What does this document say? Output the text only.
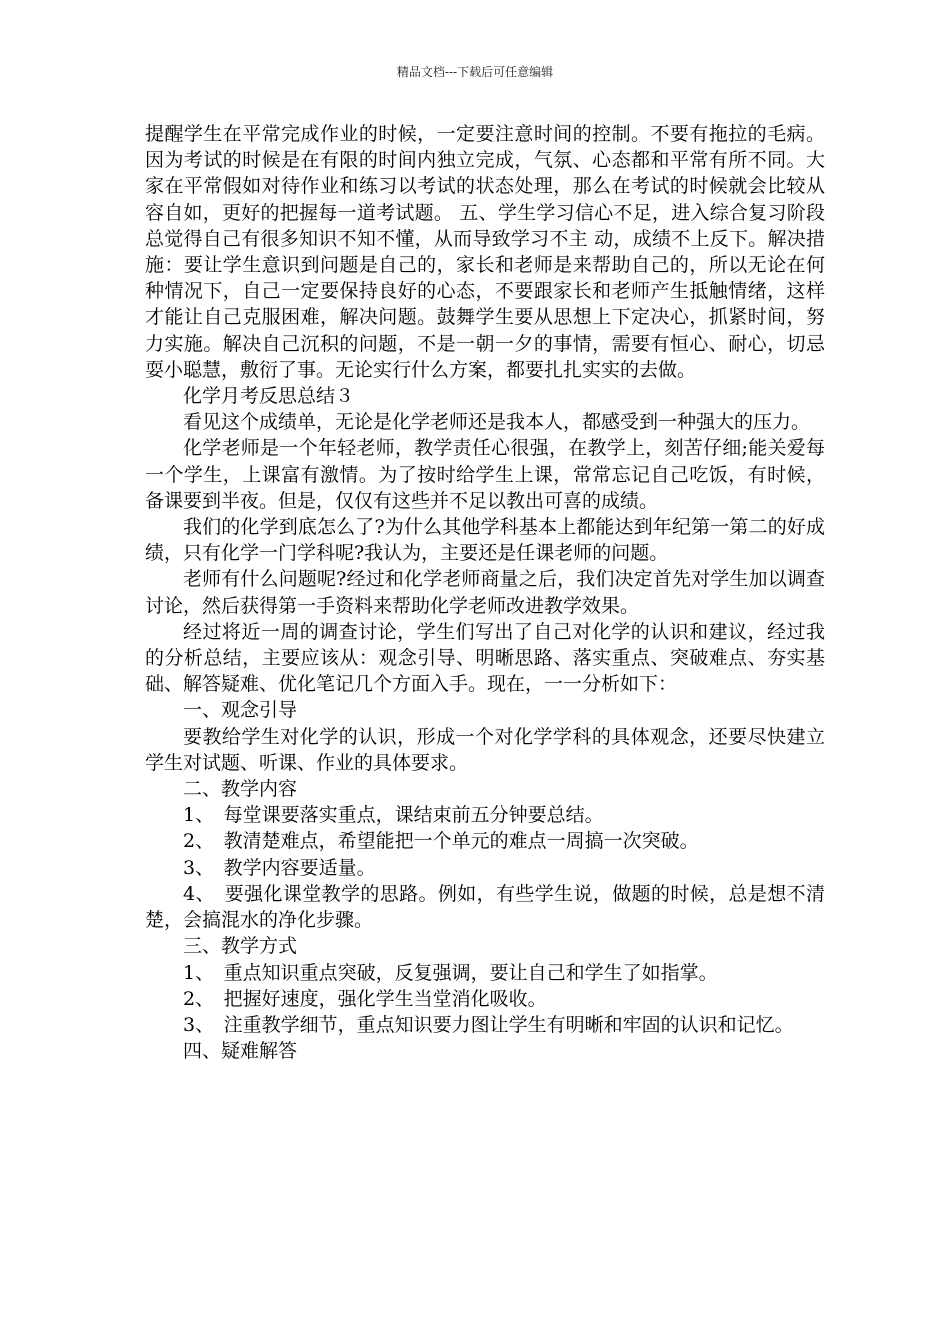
精品文档---下载后可任意编辑

提醒学生在平常完成作业的时候，一定要注意时间的控制。不要有拖拉的毛病。因为考试的时候是在有限的时间内独立完成，气氛、心态都和平常有所不同。大家在平常假如对待作业和练习以考试的状态处理，那么在考试的时候就会比较从容自如，更好的把握每一道考试题。 五、学生学习信心不足，进入综合复习阶段总觉得自己有很多知识不知不懂，从而导致学习不主 动，成绩不上反下。解决措施：要让学生意识到问题是自己的，家长和老师是来帮助自己的，所以无论在何种情况下，自己一定要保持良好的心态，不要跟家长和老师产生抵触情绪，这样才能让自己克服困难，解决问题。鼓舞学生要从思想上下定决心，抓紧时间，努力实施。解决自己沉积的问题，不是一朝一夕的事情，需要有恒心、耐心，切忌耍小聪慧，敷衍了事。无论实行什么方案，都要扎扎实实的去做。

化学月考反思总结３

看见这个成绩单，无论是化学老师还是我本人，都感受到一种强大的压力。

化学老师是一个年轻老师，教学责任心很强，在教学上，刻苦仔细;能关爱每一个学生，上课富有激情。为了按时给学生上课，常常忘记自己吃饭，有时候，备课要到半夜。但是，仅仅有这些并不足以教出可喜的成绩。

我们的化学到底怎么了?为什么其他学科基本上都能达到年纪第一第二的好成绩，只有化学一门学科呢?我认为，主要还是任课老师的问题。

老师有什么问题呢?经过和化学老师商量之后，我们决定首先对学生加以调查讨论，然后获得第一手资料来帮助化学老师改进教学效果。

经过将近一周的调查讨论，学生们写出了自己对化学的认识和建议，经过我的分析总结，主要应该从：观念引导、明晰思路、落实重点、突破难点、夯实基础、解答疑难、优化笔记几个方面入手。现在，一一分析如下：

一、观念引导

要教给学生对化学的认识，形成一个对化学学科的具体观念，还要尽快建立学生对试题、听课、作业的具体要求。

二、教学内容

1、　每堂课要落实重点，课结束前五分钟要总结。

2、　教清楚难点，希望能把一个单元的难点一周搞一次突破。

3、　教学内容要适量。

4、　要强化课堂教学的思路。例如，有些学生说，做题的时候，总是想不清楚，会搞混水的净化步骤。

三、教学方式

1、　重点知识重点突破，反复强调，要让自己和学生了如指掌。

2、　把握好速度，强化学生当堂消化吸收。

3、　注重教学细节，重点知识要力图让学生有明晰和牢固的认识和记忆。

四、疑难解答
